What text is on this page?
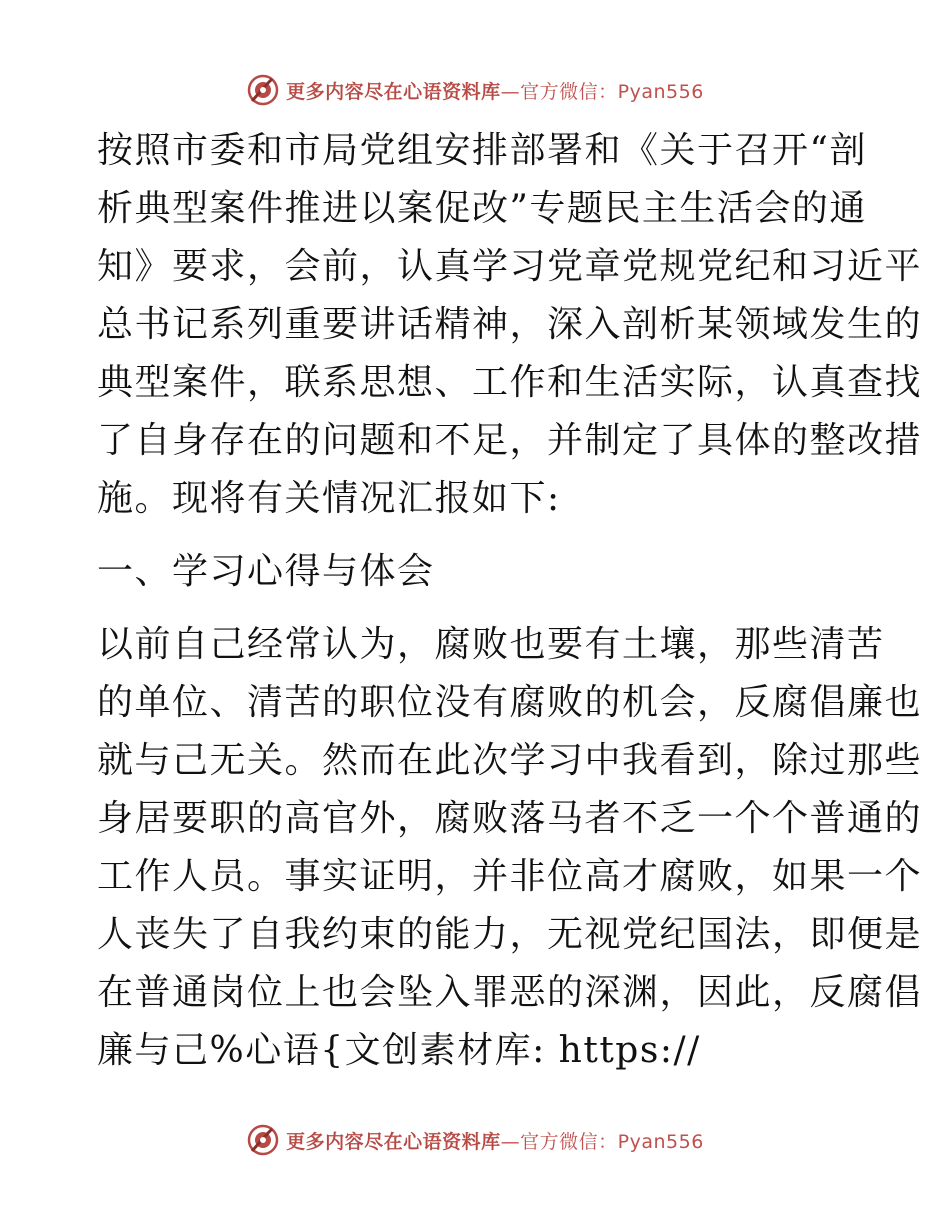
更多内容尽在心语资料库—官方微信：Pyan556
按照市委和市局党组安排部署和《关于召开“剖
析典型案件推进以案促改”专题民主生活会的通
知》要求，会前，认真学习党章党规党纪和习近平
总书记系列重要讲话精神，深入剖析某领域发生的
典型案件，联系思想、工作和生活实际，认真查找
了自身存在的问题和不足，并制定了具体的整改措
施。现将有关情况汇报如下:
一、学习心得与体会
以前自己经常认为，腐败也要有土壤，那些清苦
的单位、清苦的职位没有腐败的机会，反腐倡廉也
就与己无关。然而在此次学习中我看到，除过那些
身居要职的高官外，腐败落马者不乏一个个普通的
工作人员。事实证明，并非位高才腐败，如果一个
人丧失了自我约束的能力，无视党纪国法，即便是
在普通岗位上也会坠入罪恶的深渊，因此，反腐倡
廉与己%心语{文创素材库: https://
更多内容尽在心语资料库—官方微信：Pyan556
